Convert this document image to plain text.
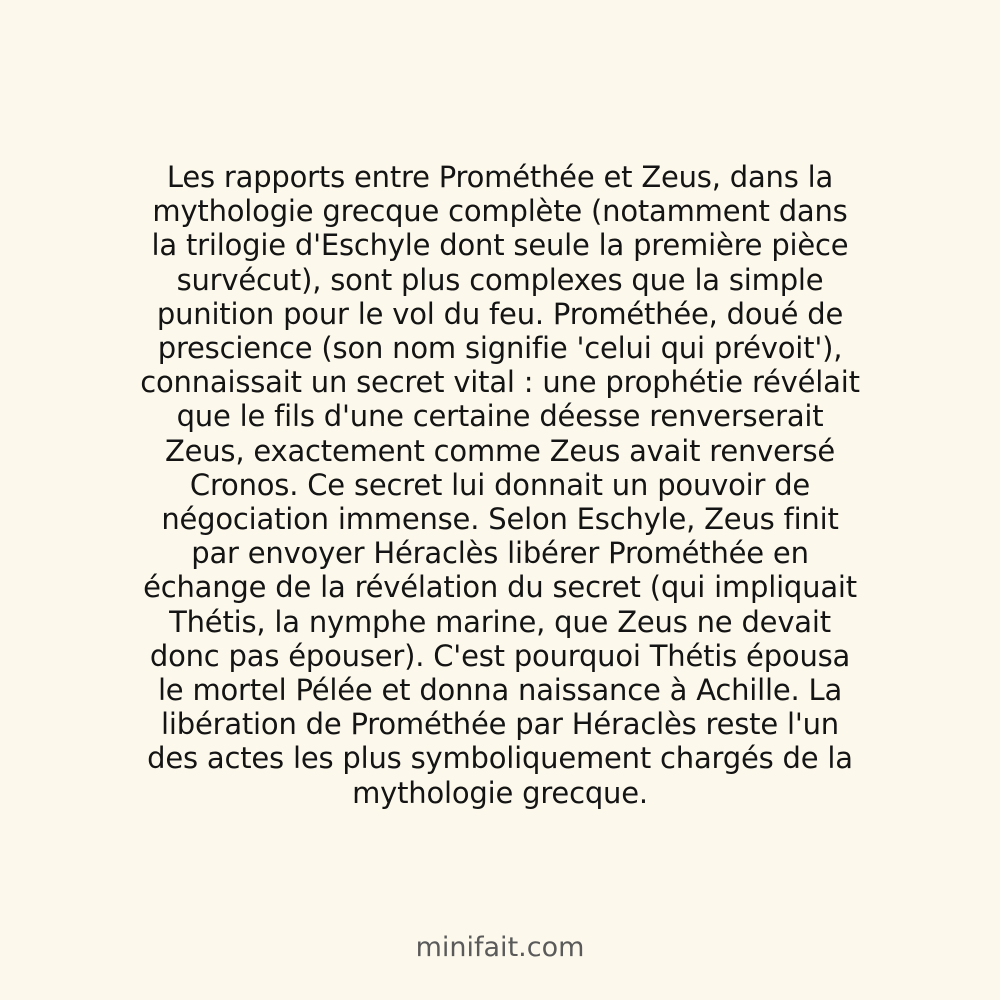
Les rapports entre Prométhée et Zeus, dans la
mythologie grecque complète (notamment dans
la trilogie d'Eschyle dont seule la première pièce
survécut), sont plus complexes que la simple
punition pour le vol du feu. Prométhée, doué de
prescience (son nom signifie 'celui qui prévoit'),
connaissait un secret vital : une prophétie révélait
que le fils d'une certaine déesse renverserait
Zeus, exactement comme Zeus avait renversé
Cronos. Ce secret lui donnait un pouvoir de
négociation immense. Selon Eschyle, Zeus finit
par envoyer Héraclès libérer Prométhée en
échange de la révélation du secret (qui impliquait
Thétis, la nymphe marine, que Zeus ne devait
donc pas épouser). C'est pourquoi Thétis épousa
le mortel Pélée et donna naissance à Achille. La
libération de Prométhée par Héraclès reste l'un
des actes les plus symboliquement chargés de la
mythologie grecque.

minifait.com
